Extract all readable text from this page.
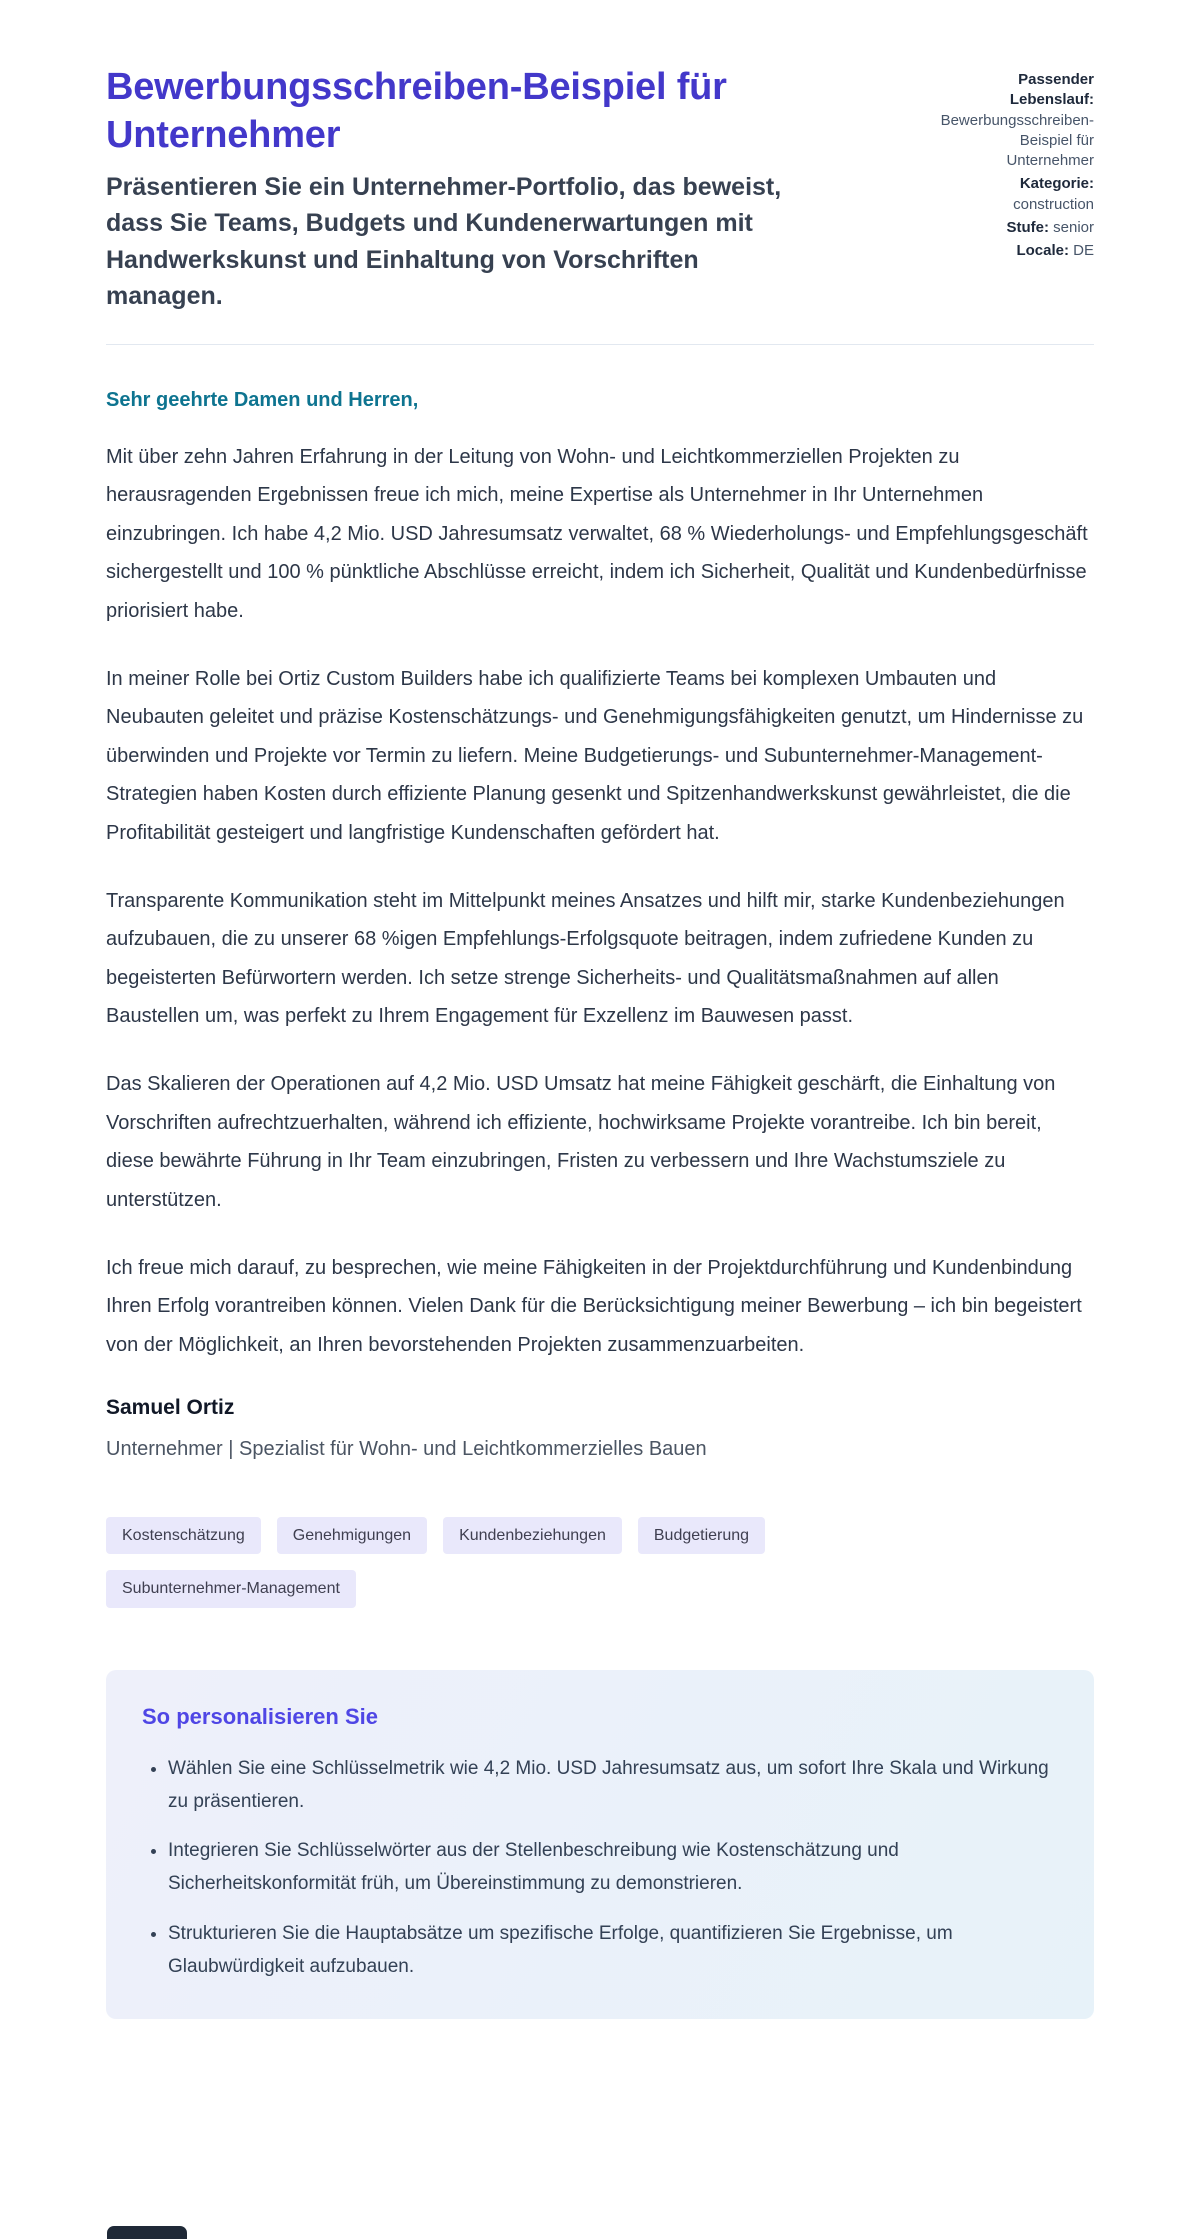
Bewerbungsschreiben-Beispiel für Unternehmer

Präsentieren Sie ein Unternehmer-Portfolio, das beweist, dass Sie Teams, Budgets und Kundenerwartungen mit Handwerkskunst und Einhaltung von Vorschriften managen.

Passender Lebenslauf: Bewerbungsschreiben-Beispiel für Unternehmer
Kategorie: construction
Stufe: senior
Locale: DE

Sehr geehrte Damen und Herren,

Mit über zehn Jahren Erfahrung in der Leitung von Wohn- und Leichtkommerziellen Projekten zu herausragenden Ergebnissen freue ich mich, meine Expertise als Unternehmer in Ihr Unternehmen einzubringen. Ich habe 4,2 Mio. USD Jahresumsatz verwaltet, 68 % Wiederholungs- und Empfehlungsgeschäft sichergestellt und 100 % pünktliche Abschlüsse erreicht, indem ich Sicherheit, Qualität und Kundenbedürfnisse priorisiert habe.

In meiner Rolle bei Ortiz Custom Builders habe ich qualifizierte Teams bei komplexen Umbauten und Neubauten geleitet und präzise Kostenschätzungs- und Genehmigungsfähigkeiten genutzt, um Hindernisse zu überwinden und Projekte vor Termin zu liefern. Meine Budgetierungs- und Subunternehmer-Management-Strategien haben Kosten durch effiziente Planung gesenkt und Spitzenhandwerkskunst gewährleistet, die die Profitabilität gesteigert und langfristige Kundenschaften gefördert hat.

Transparente Kommunikation steht im Mittelpunkt meines Ansatzes und hilft mir, starke Kundenbeziehungen aufzubauen, die zu unserer 68 %igen Empfehlungs-Erfolgsquote beitragen, indem zufriedene Kunden zu begeisterten Befürwortern werden. Ich setze strenge Sicherheits- und Qualitätsmaßnahmen auf allen Baustellen um, was perfekt zu Ihrem Engagement für Exzellenz im Bauwesen passt.

Das Skalieren der Operationen auf 4,2 Mio. USD Umsatz hat meine Fähigkeit geschärft, die Einhaltung von Vorschriften aufrechtzuerhalten, während ich effiziente, hochwirksame Projekte vorantreibe. Ich bin bereit, diese bewährte Führung in Ihr Team einzubringen, Fristen zu verbessern und Ihre Wachstumsziele zu unterstützen.

Ich freue mich darauf, zu besprechen, wie meine Fähigkeiten in der Projektdurchführung und Kundenbindung Ihren Erfolg vorantreiben können. Vielen Dank für die Berücksichtigung meiner Bewerbung – ich bin begeistert von der Möglichkeit, an Ihren bevorstehenden Projekten zusammenzuarbeiten.

Samuel Ortiz
Unternehmer | Spezialist für Wohn- und Leichtkommerzielles Bauen
Kostenschätzung	Genehmigungen	Kundenbeziehungen	Budgetierung
Subunternehmer-Management
So personalisieren Sie
• Wählen Sie eine Schlüsselmetrik wie 4,2 Mio. USD Jahresumsatz aus, um sofort Ihre Skala und Wirkung zu präsentieren.
• Integrieren Sie Schlüsselwörter aus der Stellenbeschreibung wie Kostenschätzung und Sicherheitskonformität früh, um Übereinstimmung zu demonstrieren.
• Strukturieren Sie die Hauptabsätze um spezifische Erfolge, quantifizieren Sie Ergebnisse, um Glaubwürdigkeit aufzubauen.
